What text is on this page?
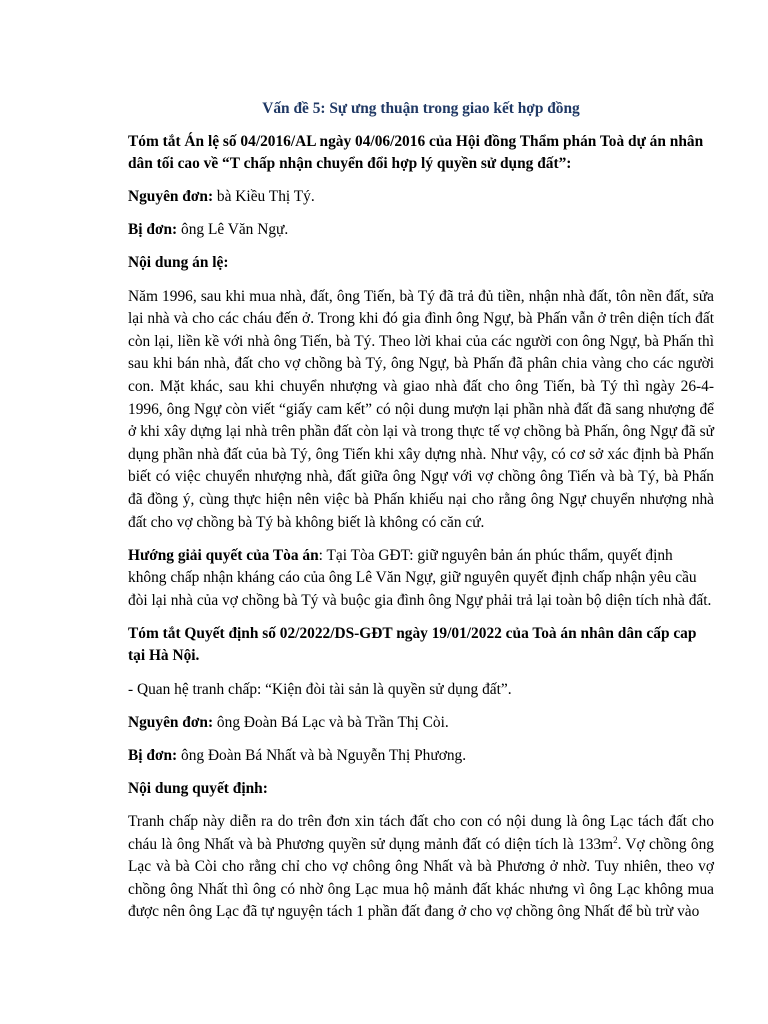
Vấn đề 5: Sự ưng thuận trong giao kết hợp đồng

Tóm tắt Án lệ số 04/2016/AL ngày 04/06/2016 của Hội đồng Thẩm phán Toà dự án nhân dân tối cao về “T chấp nhận chuyển đổi hợp lý quyền sử dụng đất”:

Nguyên đơn: bà Kiều Thị Tý.

Bị đơn: ông Lê Văn Ngự.

Nội dung án lệ:

Năm 1996, sau khi mua nhà, đất, ông Tiến, bà Tý đã trả đủ tiền, nhận nhà đất, tôn nền đất, sửa lại nhà và cho các cháu đến ở. Trong khi đó gia đình ông Ngự, bà Phấn vẫn ở trên diện tích đất còn lại, liền kề với nhà ông Tiến, bà Tý. Theo lời khai của các người con ông Ngự, bà Phấn thì sau khi bán nhà, đất cho vợ chồng bà Tý, ông Ngự, bà Phấn đã phân chia vàng cho các người con. Mặt khác, sau khi chuyển nhượng và giao nhà đất cho ông Tiến, bà Tý thì ngày 26-4-1996, ông Ngự còn viết “giấy cam kết” có nội dung mượn lại phần nhà đất đã sang nhượng để ở khi xây dựng lại nhà trên phần đất còn lại và trong thực tế vợ chồng bà Phấn, ông Ngự đã sử dụng phần nhà đất của bà Tý, ông Tiến khi xây dựng nhà. Như vậy, có cơ sở xác định bà Phấn biết có việc chuyển nhượng nhà, đất giữa ông Ngự với vợ chồng ông Tiến và bà Tý, bà Phấn đã đồng ý, cùng thực hiện nên việc bà Phấn khiếu nại cho rằng ông Ngự chuyển nhượng nhà đất cho vợ chồng bà Tý bà không biết là không có căn cứ.

Hướng giải quyết của Tòa án: Tại Tòa GĐT: giữ nguyên bản án phúc thẩm, quyết định không chấp nhận kháng cáo của ông Lê Văn Ngự, giữ nguyên quyết định chấp nhận yêu cầu đòi lại nhà của vợ chồng bà Tý và buộc gia đình ông Ngự phải trả lại toàn bộ diện tích nhà đất.

Tóm tắt Quyết định số 02/2022/DS-GĐT ngày 19/01/2022 của Toà án nhân dân cấp cap tại Hà Nội.

- Quan hệ tranh chấp: “Kiện đòi tài sản là quyền sử dụng đất”.

Nguyên đơn: ông Đoàn Bá Lạc và bà Trần Thị Còi.

Bị đơn: ông Đoàn Bá Nhất và bà Nguyễn Thị Phương.

Nội dung quyết định:

Tranh chấp này diễn ra do trên đơn xin tách đất cho con có nội dung là ông Lạc tách đất cho cháu là ông Nhất và bà Phương quyền sử dụng mảnh đất có diện tích là $133m^2$. Vợ chồng ông Lạc và bà Còi cho rằng chỉ cho vợ chông ông Nhất và bà Phương ở nhờ. Tuy nhiên, theo vợ chồng ông Nhất thì ông có nhờ ông Lạc mua hộ mảnh đất khác nhưng vì ông Lạc không mua được nên ông Lạc đã tự nguyện tách 1 phần đất đang ở cho vợ chồng ông Nhất để bù trừ vào
